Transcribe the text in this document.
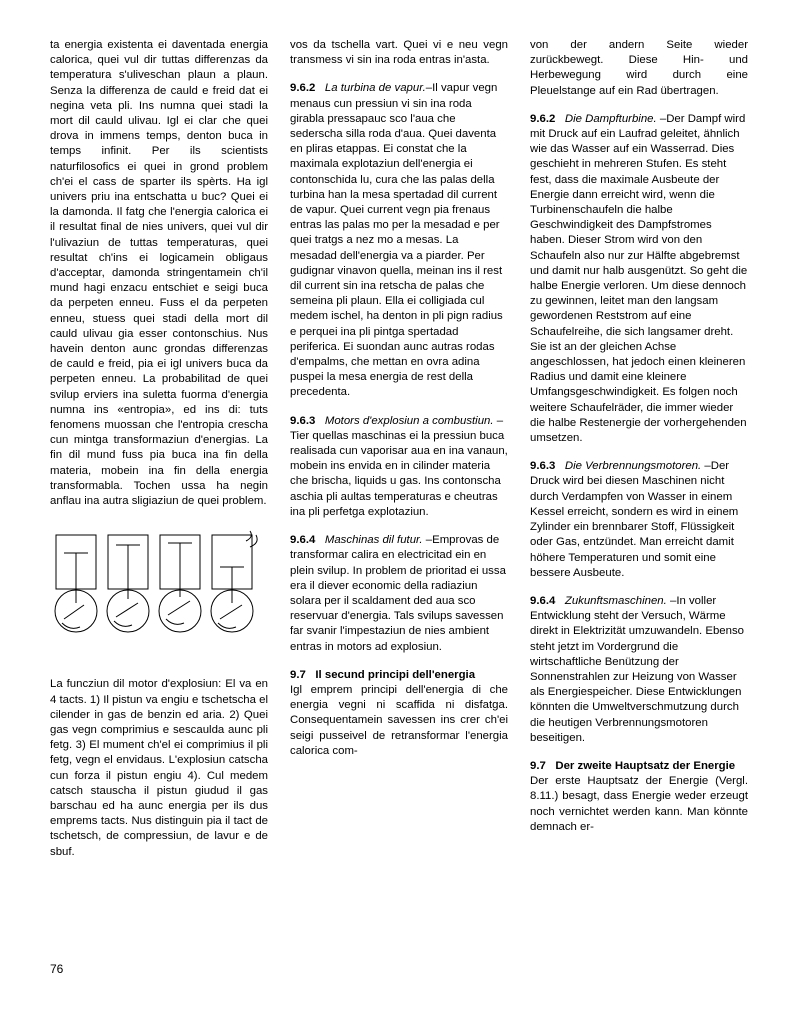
ta energia existenta ei daventada energia calorica, quei vul dir tuttas differenzas da temperatura s'uliveschan plaun a plaun. Senza la differenza de cauld e freid dat ei negina veta pli. Ins numna quei stadi la mort dil cauld ulivau. Igl ei clar che quei drova in immens temps, denton buca in temps infinit. Per ils scientists naturfilosofics ei quei in grond problem ch'ei el cass de sparter ils spèrts. Ha igl univers priu ina entschatta u buc? Quei ei la damonda. Il fatg che l'energia calorica ei il resultat final de nies univers, quei vul dir l'ulivaziun de tuttas temperaturas, quei resultat ch'ins ei logicamein obligaus d'acceptar, damonda stringentamein ch'il mund hagi enzacu entschiet e seigi buca da perpeten enneu. Fuss el da perpeten enneu, stuess quei stadi della mort dil cauld ulivau gia esser contonschius. Nus havein denton aunc grondas differenzas de cauld e freid, pia ei igl univers buca da perpeten enneu. La probabilitad de quei svilup erviers ina suletta fuorma d'energia numna ins «entropia», ed ins di: tuts fenomens muossan che l'entropia crescha cun mintga transformaziun d'energias. La fin dil mund fuss pia buca ina fin della materia, mobein ina fin della energia transformabla. Tochen ussa ha negin anflau ina autra sligiaziun de quei problem.

La funcziun dil motor d'explosiun: El va en 4 tacts. 1) Il pistun va engiu e tschetscha el cilender in gas de benzin ed aria. 2) Quei gas vegn comprimius e sescaulda aunc pli fetg. 3) El mument ch'el ei comprimius il pli fetg, vegn el envidaus. L'explosiun catscha cun forza il pistun engiu 4). Cul medem catsch stauscha il pistun giudud il gas barschau ed ha aunc energia per ils dus emprems tacts. Nus distinguin pia il tact de tschetsch, de compressiun, de lavur e de sbuf.

vos da tschella vart. Quei vi e neu vegn transmess vi sin ina roda entras in'asta.

9.6.2 La turbina de vapur.–Il vapur vegn menaus cun pressiun vi sin ina roda girabla pressapauc sco l'aua che sederscha silla roda d'aua. Quei daventa en pliras etappas. Ei constat che la maximala explotaziun dell'energia ei contonschida lu, cura che las palas della turbina han la mesa spertadad dil current de vapur. Quei current vegn pia frenaus entras las palas mo per la mesadad e per quei tratgs a nez mo a mesas. La mesadad dell'energia va a piarder. Per gudignar vinavon quella, meinan ins il rest dil current sin ina retscha de palas che semeina pli plaun. Ella ei colligiada cul medem ischel, ha denton in pli pign radius e perquei ina pli pintga spertadad periferica. Ei suondan aunc autras rodas d'empalms, che mettan en ovra adina puspei la mesa energia de rest della precedenta.
9.6.3 Motors d'explosiun a combustiun. –Tier quellas maschinas ei la pressiun buca realisada cun vaporisar aua en ina vanaun, mobein ins envida en in cilinder materia che brischa, liquids u gas. Ins contonscha aschia pli aultas temperaturas e cheutras ina pli perfetga explotaziun.
9.6.4 Maschinas dil futur. –Emprovas de transformar calira en electricitad ein en plein svilup. In problem de prioritad ei ussa era il diever economic della radiaziun solara per il scaldament ded aua sco reservuar d'energia. Tals svilups savessen far svanir l'impestaziun de nies ambient entras in motors ad explosiun.
9.7 Il secund principi dell'energia

Igl emprem principi dell'energia di che energia vegni ni scaffida ni disfatga. Consequentamein savessen ins crer ch'ei seigi pusseivel de retransformar l'energia calorica com-

von der andern Seite wieder zurückbewegt. Diese Hin- und Herbewegung wird durch eine Pleuelstange auf ein Rad übertragen.

9.6.2 Die Dampfturbine. –Der Dampf wird mit Druck auf ein Laufrad geleitet, ähnlich wie das Wasser auf ein Wasserrad. Dies geschieht in mehreren Stufen. Es steht fest, dass die maximale Ausbeute der Energie dann erreicht wird, wenn die Turbinenschaufeln die halbe Geschwindigkeit des Dampfstromes haben. Dieser Strom wird von den Schaufeln also nur zur Hälfte abgebremst und damit nur halb ausgenützt. So geht die halbe Energie verloren. Um diese dennoch zu gewinnen, leitet man den langsam gewordenen Reststrom auf eine Schaufelreihe, die sich langsamer dreht. Sie ist an der gleichen Achse angeschlossen, hat jedoch einen kleineren Radius und damit eine kleinere Umfangsgeschwindigkeit. Es folgen noch weitere Schaufelräder, die immer wieder die halbe Restenergie der vorhergehenden umsetzen.
9.6.3 Die Verbrennungsmotoren. –Der Druck wird bei diesen Maschinen nicht durch Verdampfen von Wasser in einem Kessel erreicht, sondern es wird in einem Zylinder ein brennbarer Stoff, Flüssigkeit oder Gas, entzündet. Man erreicht damit höhere Temperaturen und somit eine bessere Ausbeute.
9.6.4 Zukunftsmaschinen. –In voller Entwicklung steht der Versuch, Wärme direkt in Elektrizität umzuwandeln. Ebenso steht jetzt im Vordergrund die wirtschaftliche Benützung der Sonnenstrahlen zur Heizung von Wasser als Energiespeicher. Diese Entwicklungen könnten die Umweltverschmutzung durch die heutigen Verbrennungsmotoren beseitigen.
9.7 Der zweite Hauptsatz der Energie

Der erste Hauptsatz der Energie (Vergl. 8.11.) besagt, dass Energie weder erzeugt noch vernichtet werden kann. Man könnte demnach er-

76
